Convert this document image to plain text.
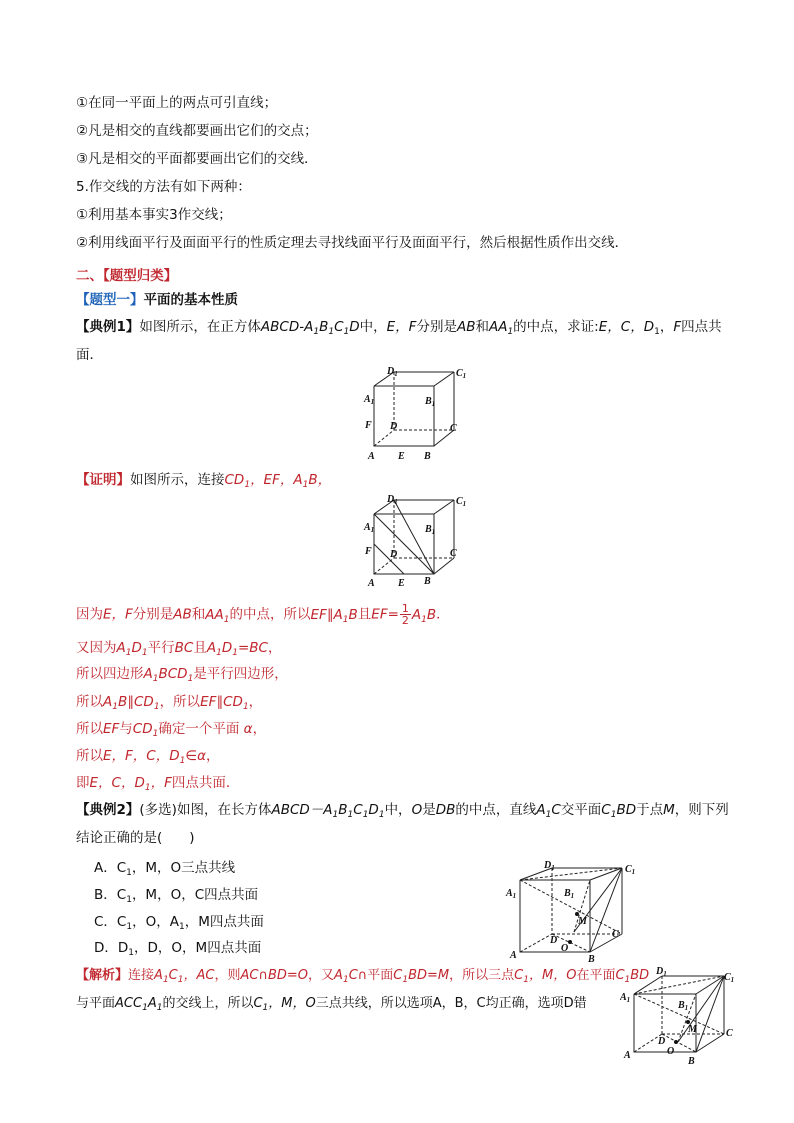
①在同一平面上的两点可引直线；
②凡是相交的直线都要画出它们的交点；
③凡是相交的平面都要画出它们的交线．
5.作交线的方法有如下两种：
①利用基本事实3作交线；
②利用线面平行及面面平行的性质定理去寻找线面平行及面面平行，然后根据性质作出交线．
二、【题型归类】
【题型一】平面的基本性质
【典例1】如图所示，在正方体ABCD-$A_1B_1C_1D$中，E，F分别是AB和$AA_1$的中点，求证:E，C，$D_1$，F四点共
面．
$D_1$	$C_1$
$A_1$	$B_1$
F D	C
A E B
【证明】如图所示，连接$CD_1$，EF，$A_1B$，
$D_1$	$C_1$
$A_1$	$B_1$
F D	C
A E B
因为E，F分别是AB和$AA_1$的中点，所以$EF\parallel A_1B$且$EF= \frac{1}{2} A_1B$．
又因为$A_1D_1$平行BC且$A_1D_1=BC$，
所以四边形$A_1BCD_1$是平行四边形，
所以$A_1B\parallel CD_1$，所以$EF\parallel CD_1$，
所以EF与$CD_1$确定一个平面 α，
所以E，F，C，$D_1\in\alpha$，
即E，C，$D_1$，F四点共面．
【典例2】(多选)如图，在长方体$ABCD-A_1B_1C_1D_1$中，O是DB的中点，直线$A_1C$交平面$C_1BD$于点M，则下列
结论正确的是(　　)
A．$C_1$，M，O三点共线
B．$C_1$，M，O，C四点共面
C．$C_1$，O，$A_1$，M四点共面
D．$D_1$，D，O，M四点共面
$D_1$	$C_1$
$A_1$	$B_1$
M
D
O
C
A	B
【解析】连接$A_1C_1$，AC，则AC∩BD=O，又$A_1C\cap$平面$C_1BD=M$，所以三点$C_1$，M，O在平面$C_1BD$
与平面$ACC_1A_1$的交线上，所以$C_1$，M，O三点共线，所以选项A，B，C均正确，选项D错
$D_1$	$C_1$
$A_1$	$B_1$
M
D
O
C
A
B
